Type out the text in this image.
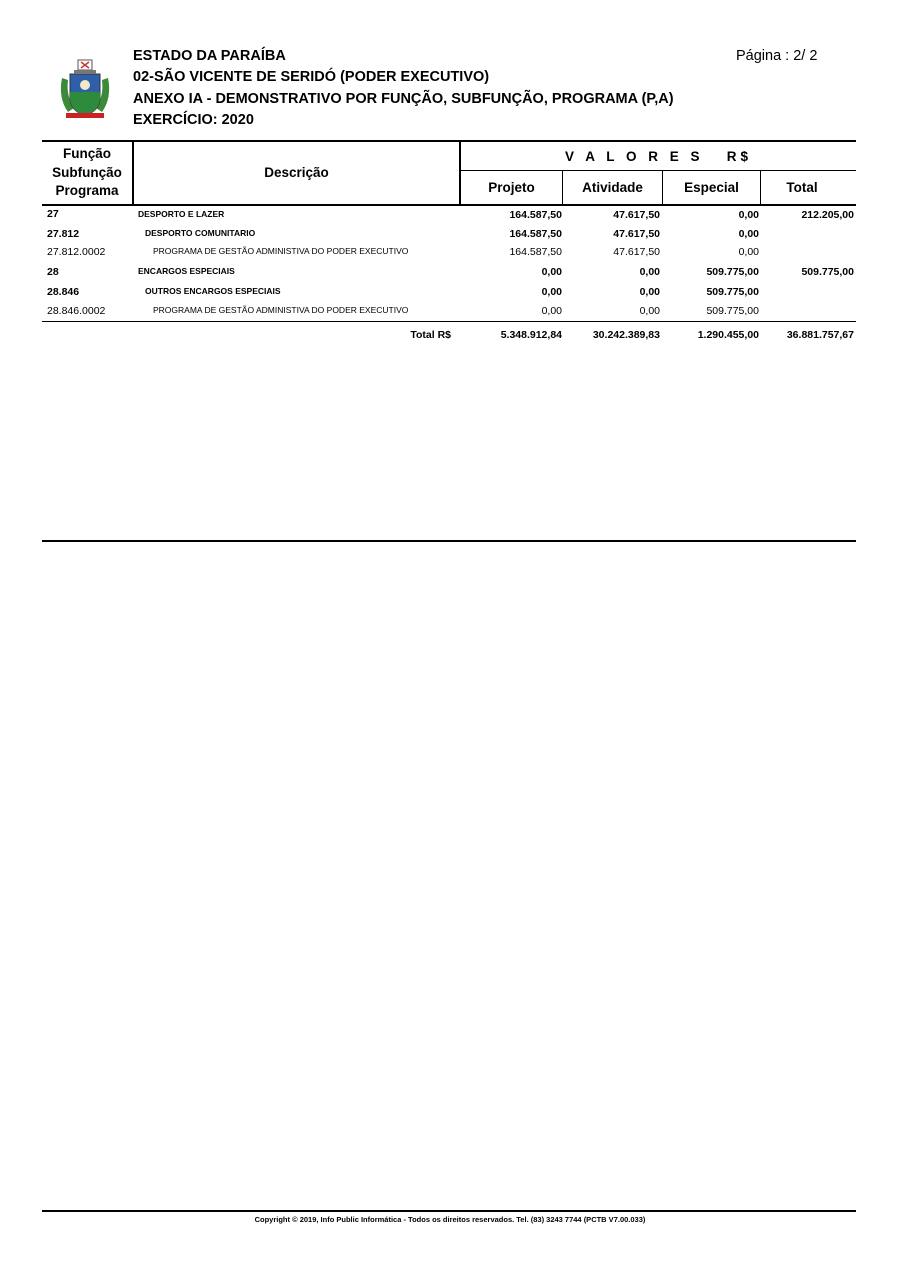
ESTADO DA PARAÍBA
02-SÃO VICENTE DE SERIDÓ (PODER EXECUTIVO)
ANEXO IA - DEMONSTRATIVO POR FUNÇÃO, SUBFUNÇÃO, PROGRAMA (P,A)
EXERCÍCIO: 2020
Página : 2/ 2
Função
Subfunção
Programa
Descrição
V A L O R E S   R$
Projeto	Atividade	Especial	Total
27	DESPORTO E LAZER	164.587,50	47.617,50	0,00	212.205,00
27.812	DESPORTO COMUNITARIO	164.587,50	47.617,50	0,00
27.812.0002	PROGRAMA DE GESTÃO ADMINISTIVA DO PODER EXECUTIVO	164.587,50	47.617,50	0,00
28	ENCARGOS ESPECIAIS	0,00	0,00	509.775,00	509.775,00
28.846	OUTROS ENCARGOS ESPECIAIS	0,00	0,00	509.775,00
28.846.0002	PROGRAMA DE GESTÃO ADMINISTIVA DO PODER EXECUTIVO	0,00	0,00	509.775,00
Total R$	5.348.912,84	30.242.389,83	1.290.455,00	36.881.757,67
Copyright © 2019, Info Public Informática - Todos os direitos reservados. Tel. (83) 3243 7744 (PCTB V7.00.033)
